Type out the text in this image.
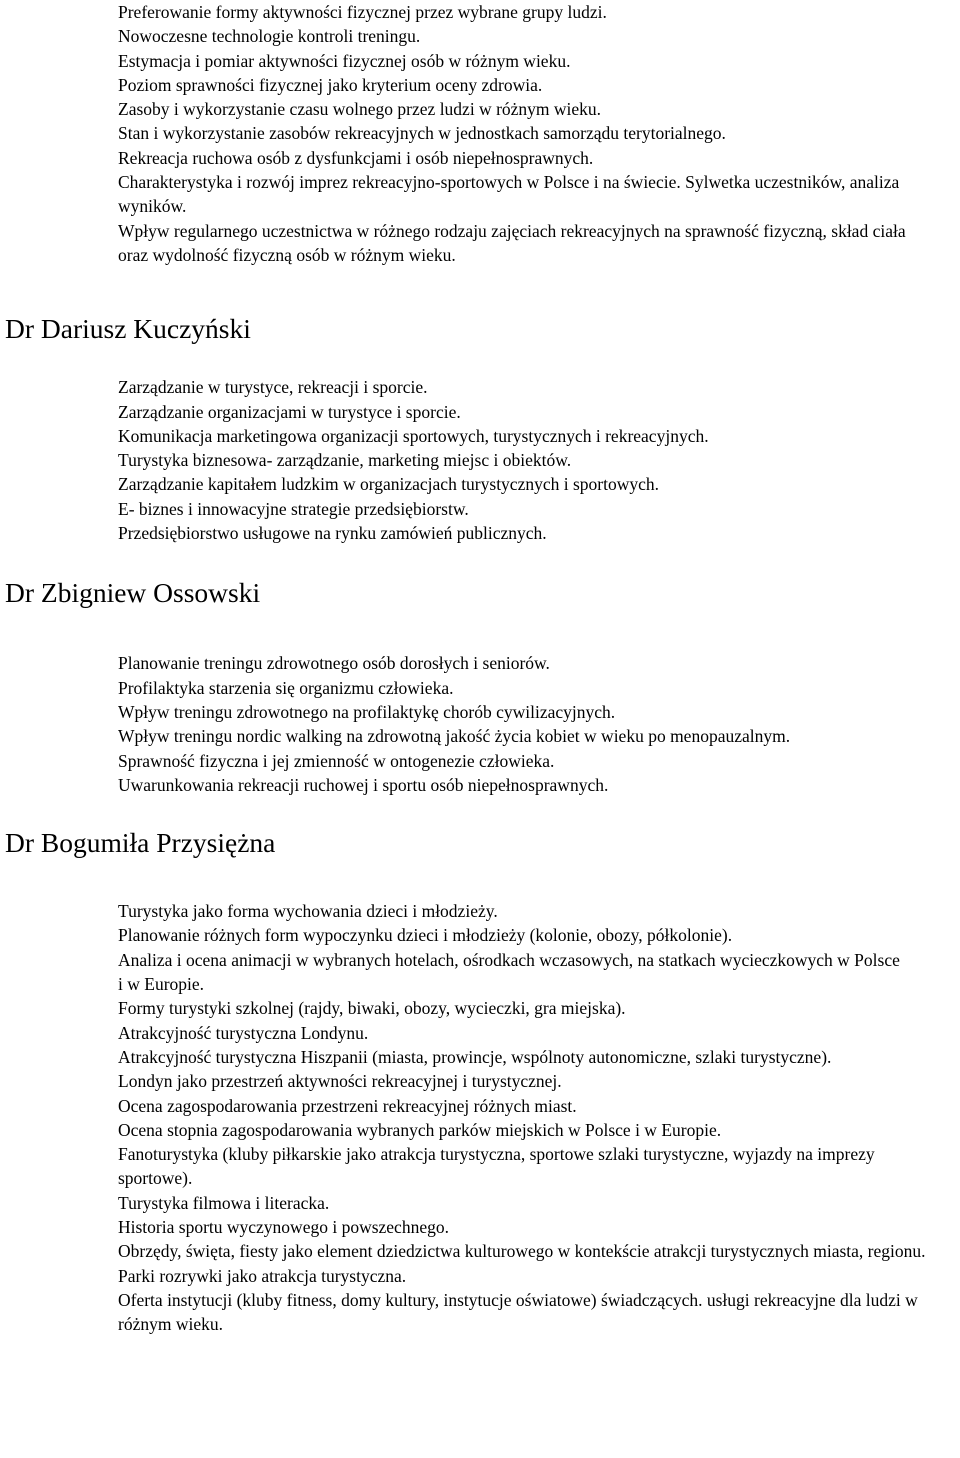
Preferowanie formy aktywności fizycznej przez wybrane grupy ludzi.
Nowoczesne technologie kontroli treningu.
Estymacja i pomiar aktywności fizycznej osób w różnym wieku.
Poziom sprawności fizycznej jako kryterium oceny zdrowia.
Zasoby i wykorzystanie czasu wolnego przez ludzi w różnym wieku.
Stan i wykorzystanie zasobów rekreacyjnych w jednostkach samorządu terytorialnego.
Rekreacja ruchowa osób z dysfunkcjami i osób niepełnosprawnych.
Charakterystyka i rozwój imprez rekreacyjno-sportowych w Polsce i na świecie. Sylwetka uczestników, analiza wyników.
Wpływ regularnego uczestnictwa w różnego rodzaju zajęciach rekreacyjnych na sprawność fizyczną, skład ciała oraz wydolność fizyczną osób w różnym wieku.
Dr Dariusz Kuczyński
Zarządzanie w turystyce, rekreacji i sporcie.
Zarządzanie organizacjami w turystyce i sporcie.
Komunikacja marketingowa organizacji sportowych, turystycznych i rekreacyjnych.
Turystyka biznesowa- zarządzanie, marketing miejsc i obiektów.
Zarządzanie kapitałem ludzkim w organizacjach turystycznych i sportowych.
E- biznes i innowacyjne strategie przedsiębiorstw.
Przedsiębiorstwo usługowe na rynku zamówień publicznych.
Dr Zbigniew Ossowski
Planowanie treningu zdrowotnego osób dorosłych i seniorów.
Profilaktyka starzenia się organizmu człowieka.
Wpływ treningu zdrowotnego na profilaktykę chorób cywilizacyjnych.
Wpływ treningu nordic walking na zdrowotną jakość życia kobiet w wieku po menopauzalnym.
Sprawność fizyczna i jej zmienność w ontogenezie człowieka.
Uwarunkowania rekreacji ruchowej i sportu osób niepełnosprawnych.
Dr Bogumiła Przysiężna
Turystyka jako forma wychowania dzieci i młodzieży.
Planowanie różnych form wypoczynku dzieci i młodzieży (kolonie, obozy, półkolonie).
Analiza i ocena animacji w wybranych hotelach, ośrodkach wczasowych, na statkach wycieczkowych w Polsce
i w Europie.
Formy turystyki szkolnej (rajdy, biwaki, obozy, wycieczki, gra miejska).
Atrakcyjność turystyczna Londynu.
Atrakcyjność turystyczna Hiszpanii (miasta, prowincje, wspólnoty autonomiczne, szlaki turystyczne).
Londyn jako przestrzeń aktywności rekreacyjnej i turystycznej.
Ocena zagospodarowania przestrzeni rekreacyjnej różnych miast.
Ocena stopnia zagospodarowania wybranych parków miejskich w Polsce i w Europie.
Fanoturystyka (kluby piłkarskie jako atrakcja turystyczna, sportowe szlaki turystyczne, wyjazdy na imprezy sportowe).
Turystyka filmowa i literacka.
Historia sportu wyczynowego i powszechnego.
Obrzędy, święta, fiesty jako element dziedzictwa kulturowego w kontekście atrakcji turystycznych miasta, regionu.
Parki rozrywki jako atrakcja turystyczna.
Oferta instytucji (kluby fitness, domy kultury, instytucje oświatowe) świadczących. usługi rekreacyjne dla ludzi w różnym wieku.
